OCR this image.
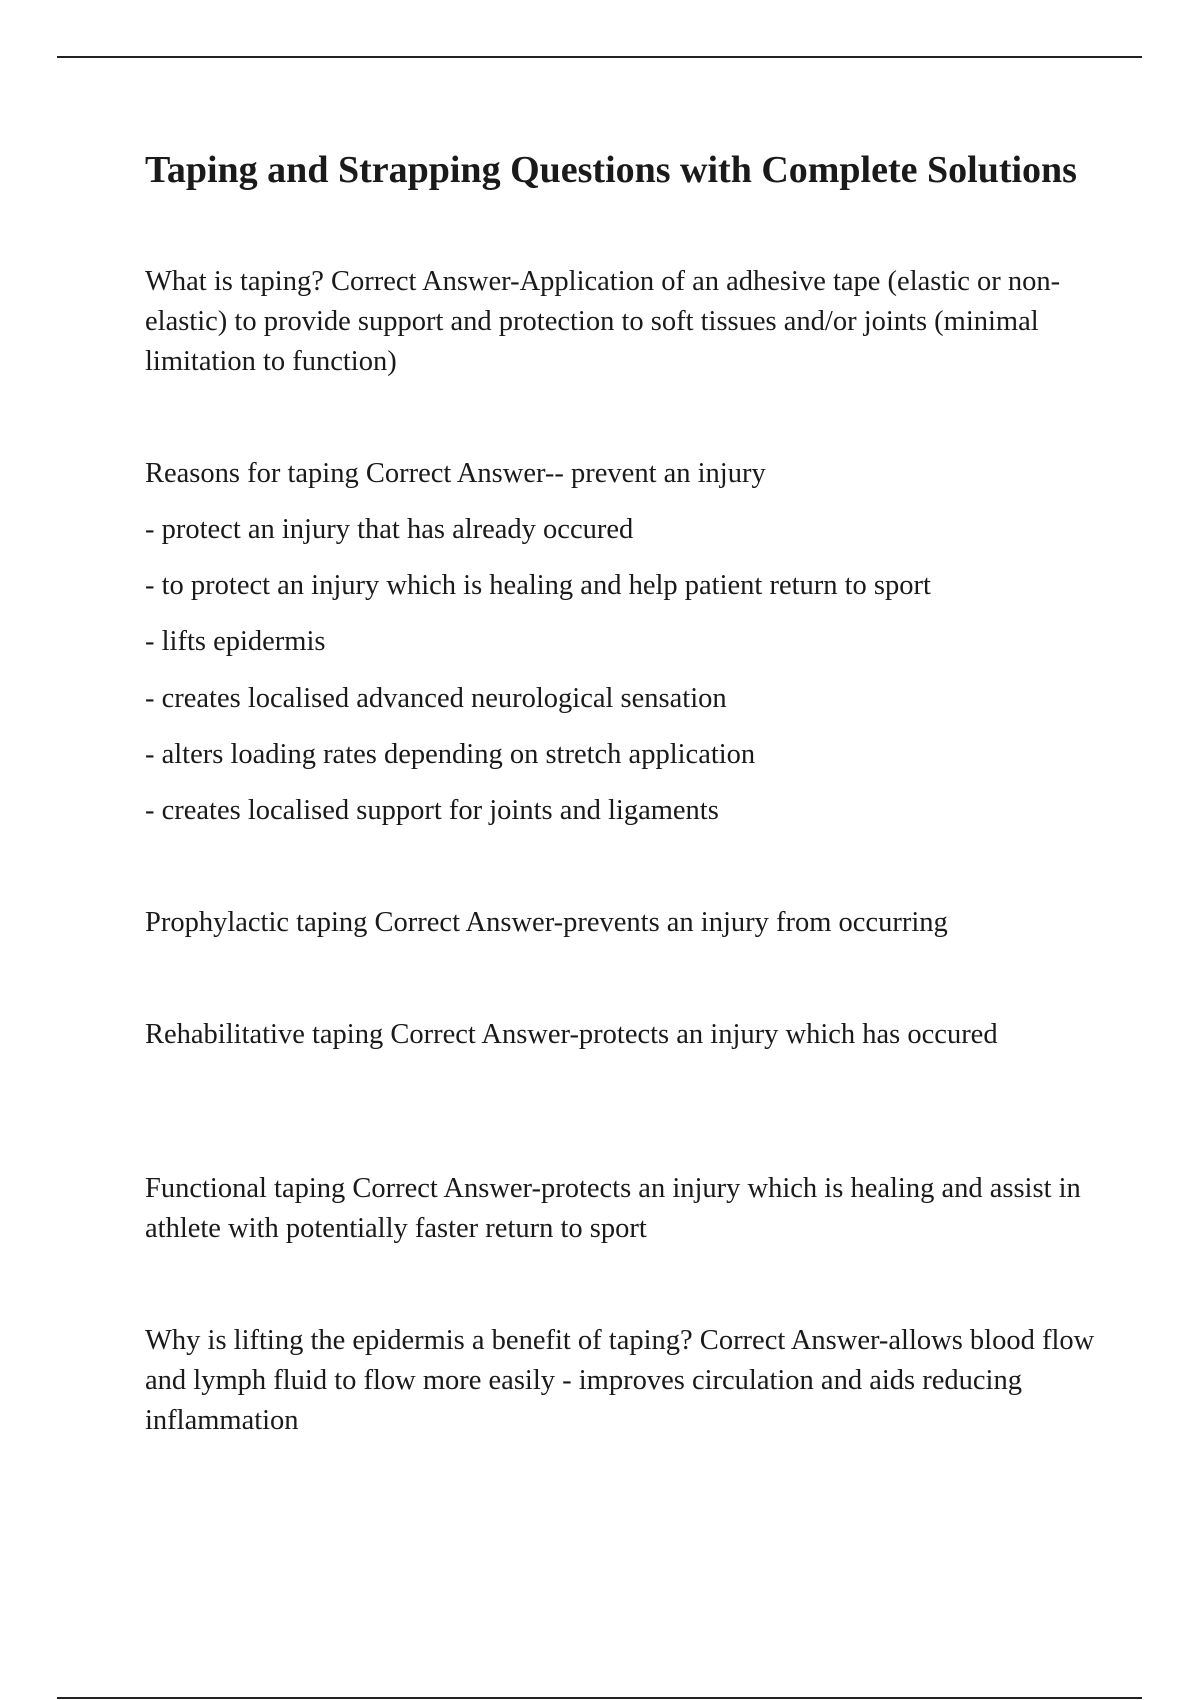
Taping and Strapping Questions with Complete Solutions
What is taping? Correct Answer-Application of an adhesive tape (elastic or non-elastic) to provide support and protection to soft tissues and/or joints (minimal limitation to function)
Reasons for taping Correct Answer-- prevent an injury
- protect an injury that has already occured
- to protect an injury which is healing and help patient return to sport
- lifts epidermis
- creates localised advanced neurological sensation
- alters loading rates depending on stretch application
- creates localised support for joints and ligaments
Prophylactic taping Correct Answer-prevents an injury from occurring
Rehabilitative taping Correct Answer-protects an injury which has occured
Functional taping Correct Answer-protects an injury which is healing and assist in athlete with potentially faster return to sport
Why is lifting the epidermis a benefit of taping? Correct Answer-allows blood flow and lymph fluid to flow more easily - improves circulation and aids reducing inflammation
